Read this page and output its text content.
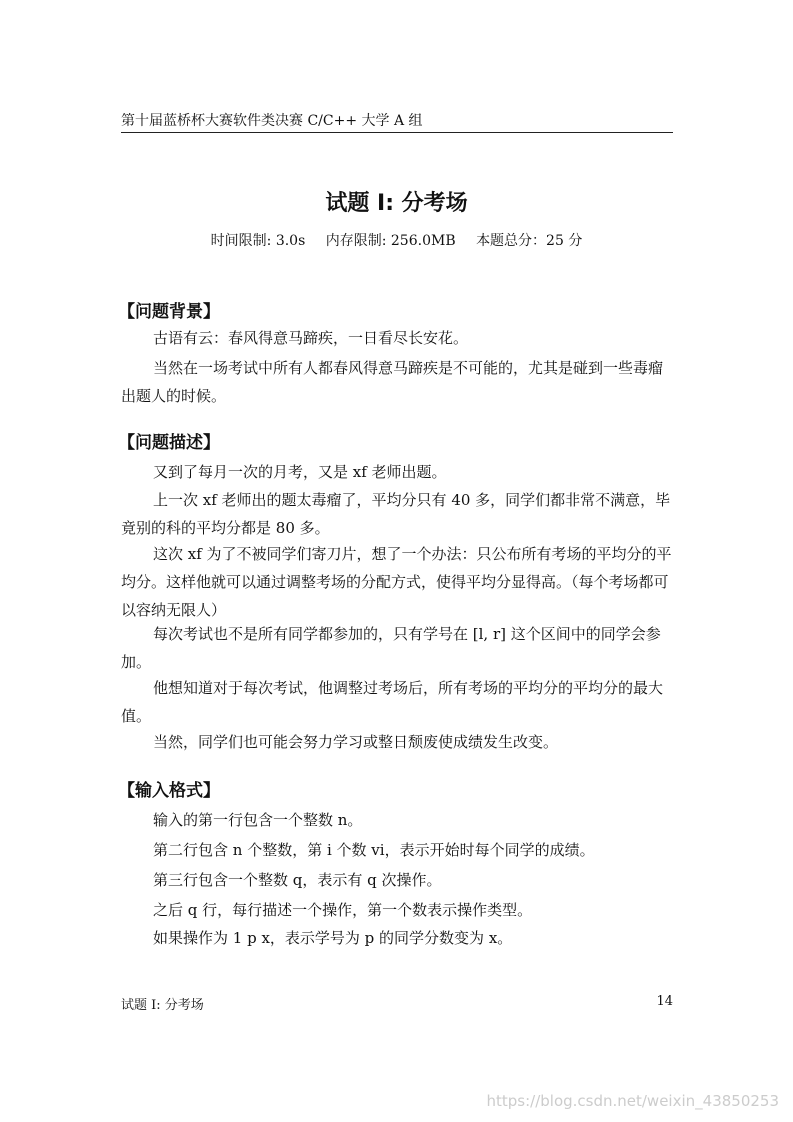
第十届蓝桥杯大赛软件类决赛 C/C++ 大学 A 组
试题 I: 分考场
时间限制: 3.0s 内存限制: 256.0MB 本题总分：25 分
【问题背景】
古语有云：春风得意马蹄疾，一日看尽长安花。
当然在一场考试中所有人都春风得意马蹄疾是不可能的，尤其是碰到一些毒瘤出题人的时候。
【问题描述】
又到了每月一次的月考，又是 xf 老师出题。
上一次 xf 老师出的题太毒瘤了，平均分只有 40 多，同学们都非常不满意，毕竟别的科的平均分都是 80 多。
这次 xf 为了不被同学们寄刀片，想了一个办法：只公布所有考场的平均分的平均分。这样他就可以通过调整考场的分配方式，使得平均分显得高。（每个考场都可以容纳无限人）
每次考试也不是所有同学都参加的，只有学号在 [l, r] 这个区间中的同学会参加。
他想知道对于每次考试，他调整过考场后，所有考场的平均分的平均分的最大值。
当然，同学们也可能会努力学习或整日颓废使成绩发生改变。
【输入格式】
输入的第一行包含一个整数 n。
第二行包含 n 个整数，第 i 个数 vi，表示开始时每个同学的成绩。
第三行包含一个整数 q，表示有 q 次操作。
之后 q 行，每行描述一个操作，第一个数表示操作类型。
如果操作为 1 p x，表示学号为 p 的同学分数变为 x。
试题 I: 分考场	14
https://blog.csdn.net/weixin_43850253
